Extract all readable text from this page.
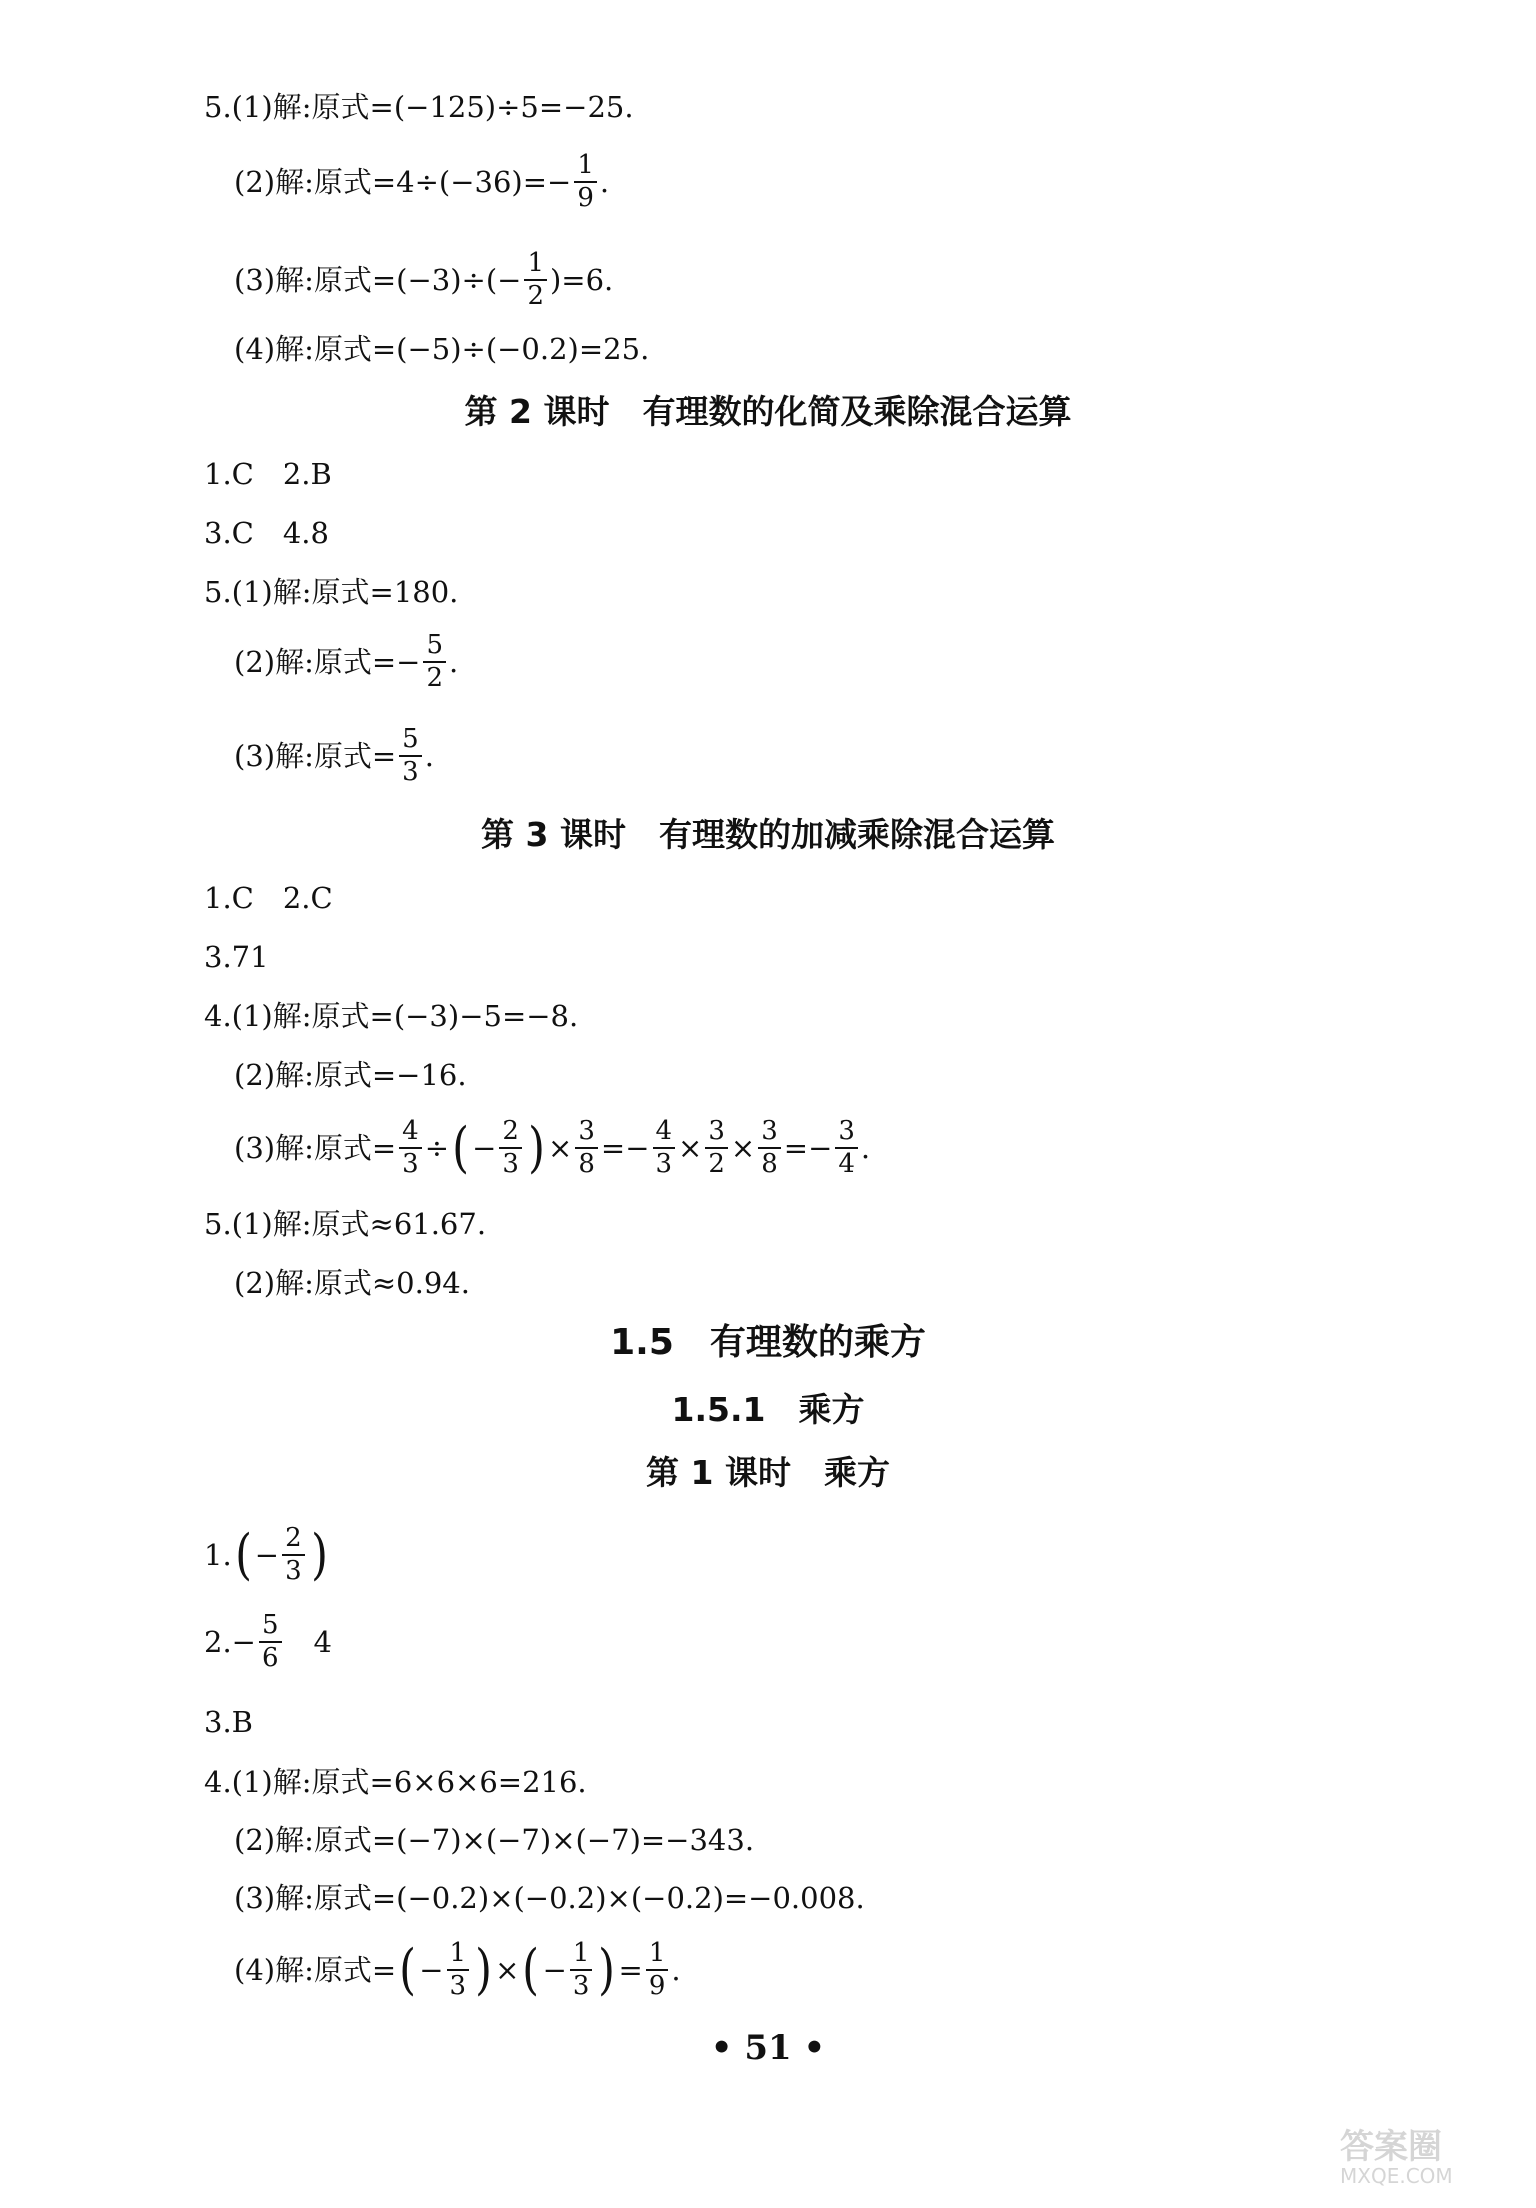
5.(1)解:原式=(−125)÷5=−25.
(2)解:原式$=4\div(-36)=- \frac{1}{9}$ .
(3)解:原式$=(-3)\div(- \frac{1}{2} )=6$.
(4)解:原式=(−5)÷(−0.2)=25.
第 2 课时　有理数的化简及乘除混合运算
1.C　2.B
3.C　4.8
5.(1)解:原式=180.
(2)解:原式=− $\frac{5}{2}$ .
(3)解:原式= $\frac{5}{3}$ .
第 3 课时　有理数的加减乘除混合运算
1.C　2.C
3.71
4.(1)解:原式=(−3)−5=−8.
(2)解:原式=−16.
(3)解:原式= $\frac{4}{3}$ ÷ ( − $\frac{2}{3}$ ) × $\frac{3}{8} =- \frac{4}{3} \times \frac{3}{2} \times \frac{3}{8} =- \frac{3}{4}$ .
5.(1)解:原式≈61.67.
(2)解:原式≈0.94.
1.5　有理数的乘方
1.5.1　乘方
第 1 课时　乘方
1. ( − $\frac{2}{3}$ )
$2.- \frac{5}{6}$ 　4
3.B
4.(1)解:原式=6×6×6=216.
(2)解:原式=(−7)×(−7)×(−7)=−343.
(3)解:原式=(−0.2)×(−0.2)×(−0.2)=−0.008.
(4)解:原式= ( − $\frac{1}{3}$ ) × ( − $\frac{1}{3}$ ) = $\frac{1}{9}$ .
• 51 •
答案圈
MXQE.COM
